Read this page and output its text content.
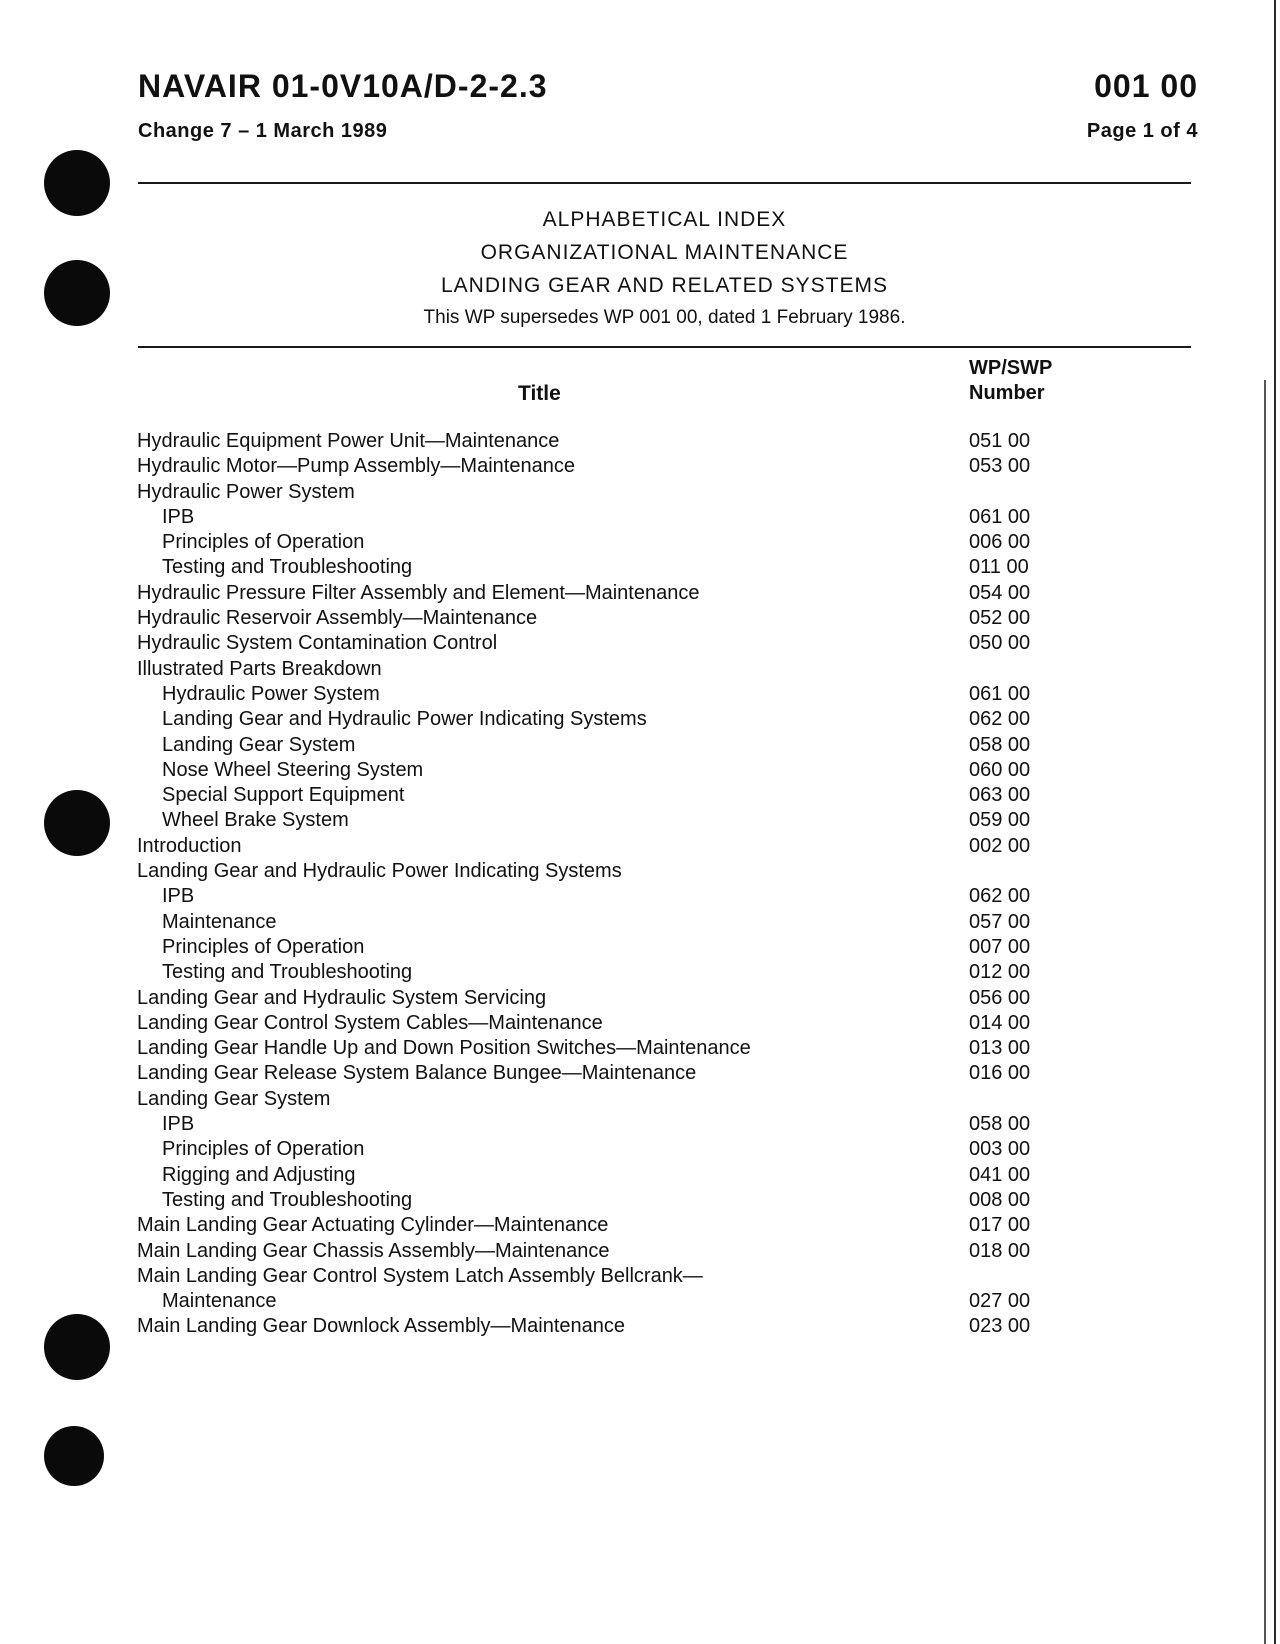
NAVAIR 01-0V10A/D-2-2.3
Change 7 – 1 March 1989
001 00
Page 1 of 4
ALPHABETICAL INDEX
ORGANIZATIONAL MAINTENANCE
LANDING GEAR AND RELATED SYSTEMS
This WP supersedes WP 001 00, dated 1 February 1986.
Title
WP/SWP
Number
Hydraulic Equipment Power Unit—Maintenance	051 00
Hydraulic Motor—Pump Assembly—Maintenance	053 00
Hydraulic Power System
IPB	061 00
Principles of Operation	006 00
Testing and Troubleshooting	011 00
Hydraulic Pressure Filter Assembly and Element—Maintenance	054 00
Hydraulic Reservoir Assembly—Maintenance	052 00
Hydraulic System Contamination Control	050 00
Illustrated Parts Breakdown
Hydraulic Power System	061 00
Landing Gear and Hydraulic Power Indicating Systems	062 00
Landing Gear System	058 00
Nose Wheel Steering System	060 00
Special Support Equipment	063 00
Wheel Brake System	059 00
Introduction	002 00
Landing Gear and Hydraulic Power Indicating Systems
IPB	062 00
Maintenance	057 00
Principles of Operation	007 00
Testing and Troubleshooting	012 00
Landing Gear and Hydraulic System Servicing	056 00
Landing Gear Control System Cables—Maintenance	014 00
Landing Gear Handle Up and Down Position Switches—Maintenance	013 00
Landing Gear Release System Balance Bungee—Maintenance	016 00
Landing Gear System
IPB	058 00
Principles of Operation	003 00
Rigging and Adjusting	041 00
Testing and Troubleshooting	008 00
Main Landing Gear Actuating Cylinder—Maintenance	017 00
Main Landing Gear Chassis Assembly—Maintenance	018 00
Main Landing Gear Control System Latch Assembly Bellcrank—
Maintenance	027 00
Main Landing Gear Downlock Assembly—Maintenance	023 00
